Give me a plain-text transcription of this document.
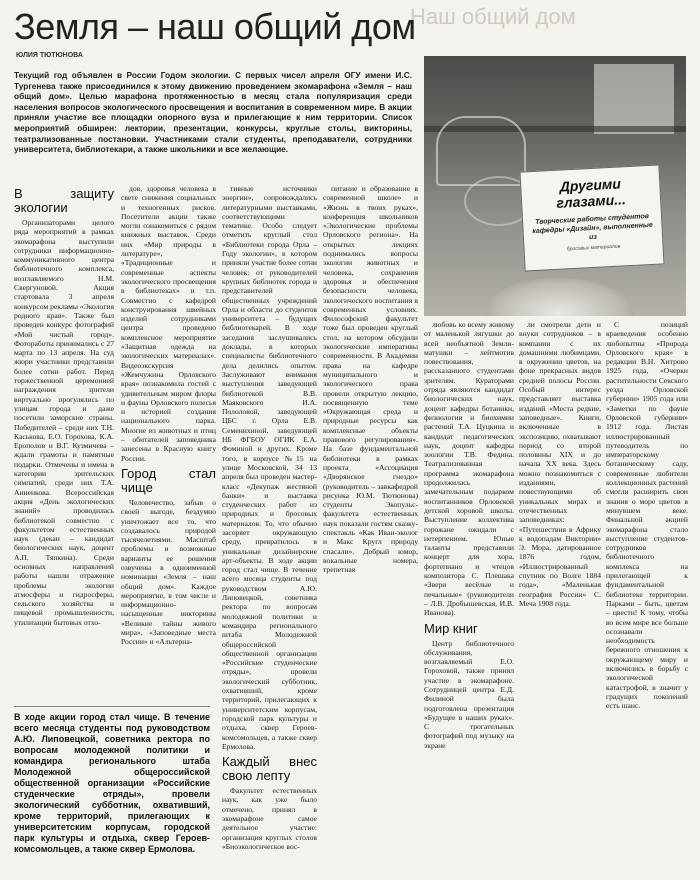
Наш общий дом
Земля – наш общий дом
ЮЛИЯ ТЮТЮНОВА
Текущий год объявлен в России Годом экологии. С первых чисел апреля ОГУ имени И.С. Тургенева также присоединился к этому движению проведением экомарафона «Земля – наш общий дом». Целью марафона протяженностью в месяц стала популяризация среди населения вопросов экологического просвещения и воспитания в современном мире. В акции приняли участие все площадки опорного вуза и прилегающие к ним территории. Список мероприятий обширен: лектории, презентации, конкурсы, круглые столы, викторины, театрализованные постановки. Участниками стали студенты, преподаватели, сотрудники университета, библиотекари, а также школьники и все желающие.
Другими глазами...
Творческие работы студентов кафедры «Дизайн», выполненные из
бросовых материалов
В защиту экологии

Организаторами целого ряда мероприятий в рамках экомарафона выступили сотрудники информационно-коммуникативного центра библиотечного комплекса, возглавляемого Н.М. Свергуновой. Акция стартовала 3 апреля конкурсом рекламы «Экология родного края». Также был проведен конкурс фотографий «Мой чистый город». Фотоработы принимались с 27 марта по 13 апреля. На суд жюри участники представили более сотни работ. Перед торжественной церемонией награждения зрители виртуально прогулялись по улицам города и даже посетили заморские страны. Победителей – среди них Т.Н. Каськова, Е.О. Горохова, К.А. Ерополов и В.Г. Кузмичева – ждали грамоты и памятные подарки. Отмечены и имена в категории зрительских симпатий, среди них Т.А. Анненкова. Всероссийская акция «День экологических знаний» проводилась библиотекой совместно с факультетом естественных наук (декан – кандидат биологических наук, доцент А.П. Тяпкина). Среди основных направлений работы нашли отражение проблемы экологии атмосферы и гидросферы, сельского хозяйства и пищевой промышленности, утилизации бытовых отхо-

дов, здоровья человека в свете снижения социальных и техногенных рисков. Посетители акции также могли ознакомиться с рядом книжных выставок. Среди них «Мир природы в литературе», «Традиционные и современные аспекты экологического просвещения в библиотеках» и т.п. Совместно с кафедрой конструирования швейных изделий сотрудниками центра проведено комплексное мероприятие «Защитная одежда на экологических материалах». Видеоэкскурсия «Жемчужина Орловского края» познакомила гостей с удивительным миром флоры и фауны Орловского полесья и историей создания национального парка. Многие из животных и птиц – обитателей заповедника занесены в Красную книгу России.

Город стал чище

Человечество, забыв о своей выгоде, бездумно уничтожает все то, что создавалось природой тысячелетиями. Масштаб проблемы и возможные варианты ее решения озвучены в одноименной номинации «Земля – наш общий дом». Каждое мероприятие, в том числе и информационно-насыщенные викторины «Великие тайны живого мира», «Заповедные места России» и «Альтерна-

тивные источники энергии», сопровождались литературными выставками, соответствующими тематике. Особо следует отметить круглый стол «Библиотеки города Орла – Году экологии», в котором приняли участие более сотни человек: от руководителей крупных библиотек города и представителей общественных учреждений Орла и области до студентов университета – будущих библиотекарей. В ходе заседания заслушивались доклады, в которых специалисты библиотечного дела делились опытом. Заслуживают внимания выступления заведующей библиотекой В.В. Маяковского И.А. Пололовой, заведующей ЦБС г. Орла Е.В. Семенихиной, заведующей НБ ФГБОУ ОГИК Е.А. Фоминой и других. Кроме того, в корпусе №15 на улице Московской, 34 13 апреля был проведен мастер-класс «Декупаж жестяной банки» и выставка студенческих работ из природных и бросовых материалов. То, что обычно засоряет окружающую среду, превратилось в уникальные дизайнерские арт-объекты. В ходе акции город стал чище. В течение всего месяца студенты под руководством А.Ю. Липовецкой, советника ректора по вопросам молодежной политики и командира регионального штаба Молодежной общероссийской общественной организации «Российские студенческие отряды», провели экологический субботник, охвативший, кроме территорий, прилегающих к университетским корпусам, городской парк культуры и отдыха, сквер Героев-комсомольцев, а также сквер Ермолова.

Каждый внес свою лепту

Факультет естественных наук, как уже было отмечено, принял в экомарафоне самое деятельное участие: организация круглых столов «Биоэкологическое вос-

питание и образование в современной школе» и «Жизнь в твоих руках», конференция школьников «Экологические проблемы Орловского региона». На открытых лекциях поднимались вопросы экологии животных и человека, сохранения здоровья и обеспечения безопасности человека, экологического воспитания в современных условиях. Философский факультет тоже был проведен круглый стол, на котором обсудили экологические императивы современности. В Академии права на кафедре муниципального и экологического права провели открытую лекцию, посвященную теме «Окружающая среда и природные ресурсы как комплексные объекты правового регулирования». На базе фундаментальной библиотеки в рамках проекта «Ассоциация «Дворянское гнездо» (руководитель – завкафедрой рисунка Ю.М. Тютюнова) студенты Экопульс-факультета естественных наук показали гостям сказку-спектакль «Как Иван-эколог и Макс Кругл природу спасали». Добрый юмор, вокальные номера, трепетная

любовь ко всему живому от маленькой лягушки до всей необъятной Земли-матушки – лейтмотив повествования, рассказанного студентами зрителям. Кураторами отряда являются кандидат биологических наук, доцент кафедры ботаники, физиологии и биохимии растений Т.А. Цуцкина и кандидат педагогических наук, доцент кафедры зоологии Т.В. Федина. Театрализованная программа экомарафона продолжилась замечательным подарком воспитанников Орловской детской хоровой школы. Выступление коллектива горожане ожидали с нетерпением. Юные таланты представили концерт для хора, фортепиано и чтецов композитора С. Плешака «Звери весёлые и печальные» (руководители – Л.В. Дробышевская, И.В. Иванова).

Мир книг

Центр библиотечного обслуживания, возглавляемый Е.О. Гороховой, также принял участие в экомарафоне. Сотрудницей центра Е.Д. Филиной была подготовлена презентация «Будущее в наших руках». С трогательных фотографий под музыку на экране

ли смотрели дети и внуки сотрудников – в компании с их домашними любимцами, в окружении цветов, на фоне прекрасных видов средней полосы России. Особый интерес представляет выставка изданий «Места редкие, заповедные». Книги, включенные в экспозицию, охватывают период со второй половины XIX и до начала XX века. Здесь можно познакомиться с изданиями, повествующими об уникальных мирах и отечественных заповедниках: «Путешествия в Африку к водопадам Виктории» Э. Мора, датированное 1876 годом, «Иллюстрированный спутник по Волге 1884 года», «Маленькая география России» С. Меча 1908 года.

С позиций краеведения особенно любопытны «Природа Орловского края» в редакции В.Н. Хитрово 1925 года, «Очерки растительности Севского уезда Орловской губернии» 1905 года или «Заметки по фауне Орловской губернии» 1912 года. Листая иллюстрированный путеводитель по императорскому ботаническому саду, современные любители коллекционных растений смогли расширить свои знания о море цветов в минувшем веке. Финальной акцией экомарафона стало выступление студентов-сотрудников библиотечного комплекса на прилегающей к фундаментальной библиотеке территории. Парками – быть, цветам – цвести! К тому, чтобы во всем мире все больше осознавали необходимость бережного отношения к окружающему миру и включились в борьбу с экологической катастрофой, в значит у градущих поколений есть шанс.

В ходе акции город стал чище. В течение всего месяца студенты под руководством А.Ю. Липовецкой, советника ректора по вопросам молодежной политики и командира регионального штаба Молодежной общероссийской общественной организации «Российские студенческие отряды», провели экологический субботник, охвативший, кроме территорий, прилегающих к университетским корпусам, городской парк культуры и отдыха, сквер Героев-комсомольцев, а также сквер Ермолова.
